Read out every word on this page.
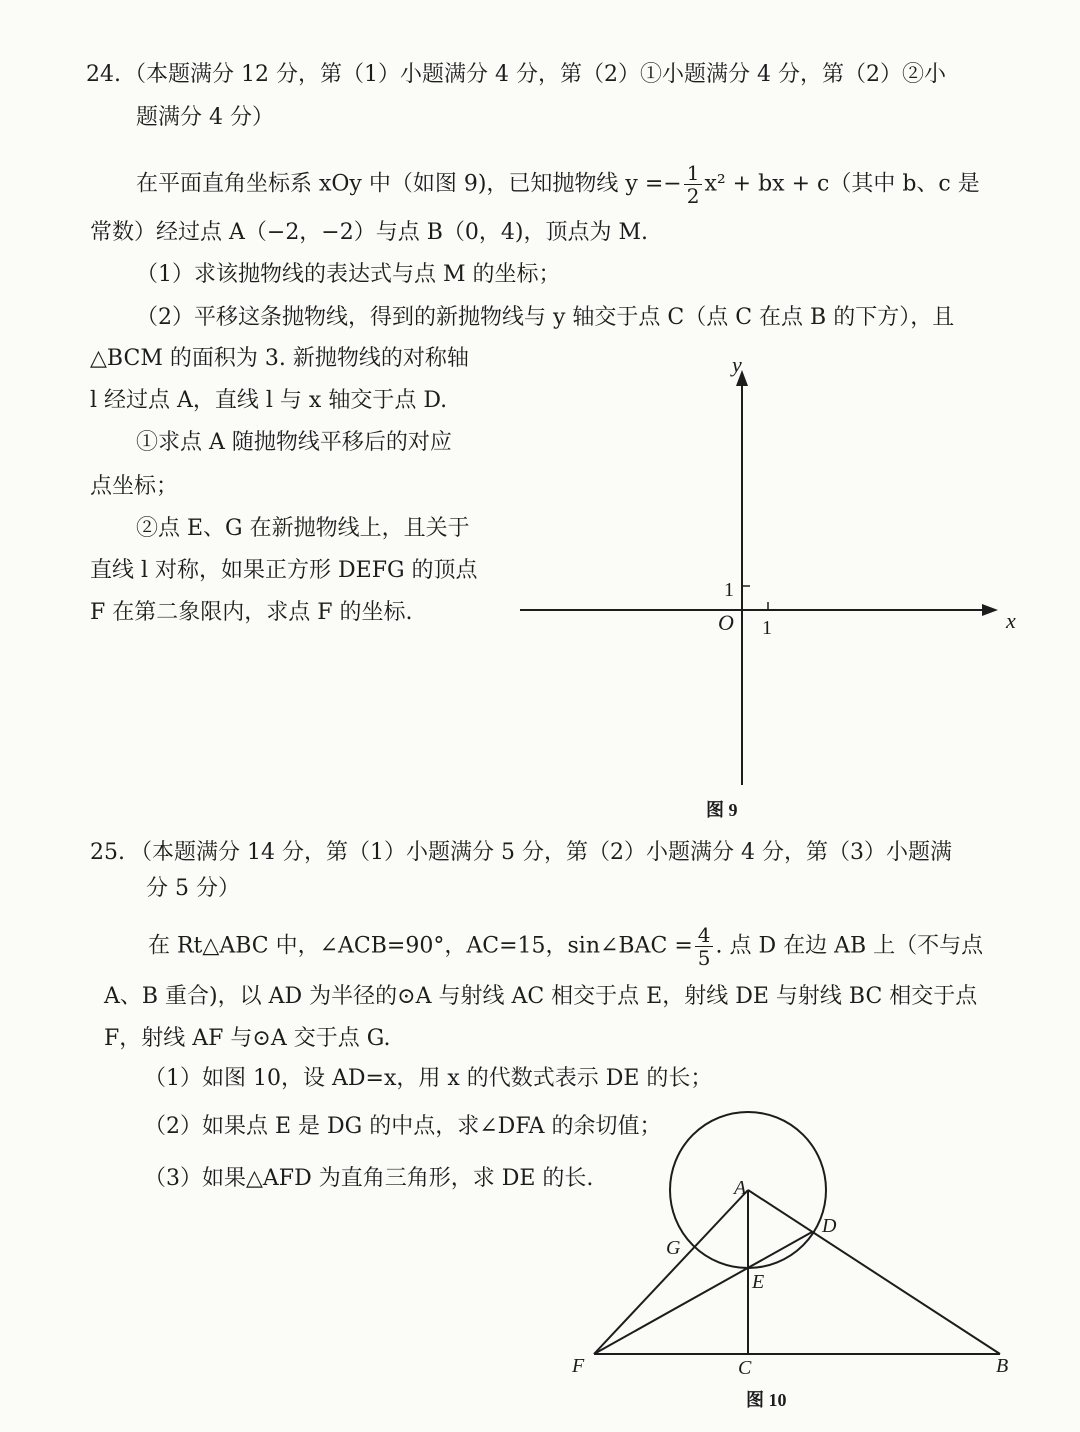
24. （本题满分 12 分，第（1）小题满分 4 分，第（2）①小题满分 4 分，第（2）②小
题满分 4 分）
在平面直角坐标系 xOy 中（如图 9)，已知抛物线 $y =- \frac{1}{2} x^2$ + bx + c（其中 b、c 是
常数）经过点 A（−2，−2）与点 B（0，4)，顶点为 M.
（1）求该抛物线的表达式与点 M 的坐标；
（2）平移这条抛物线，得到的新抛物线与 y 轴交于点 C（点 C 在点 B 的下方），且
△BCM 的面积为 3. 新抛物线的对称轴
l 经过点 A，直线 l 与 x 轴交于点 D.
①求点 A 随抛物线平移后的对应
点坐标；
②点 E、G 在新抛物线上，且关于
直线 l 对称，如果正方形 DEFG 的顶点
F 在第二象限内，求点 F 的坐标.
y
x
O 1
1
图 9
25. （本题满分 14 分，第（1）小题满分 5 分，第（2）小题满分 4 分，第（3）小题满
分 5 分）
在 Rt△ABC 中，∠ACB=90°，AC=15，sin∠BAC = $\frac{4}{5}$ . 点 D 在边 AB 上（不与点
A、B 重合)，以 AD 为半径的⊙A 与射线 AC 相交于点 E，射线 DE 与射线 BC 相交于点
F，射线 AF 与⊙A 交于点 G.
（1）如图 10，设 AD=x，用 x 的代数式表示 DE 的长；
（2）如果点 E 是 DG 的中点，求∠DFA 的余切值；
（3）如果△AFD 为直角三角形，求 DE 的长.	A
D
G
E
F	C	B
图 10
